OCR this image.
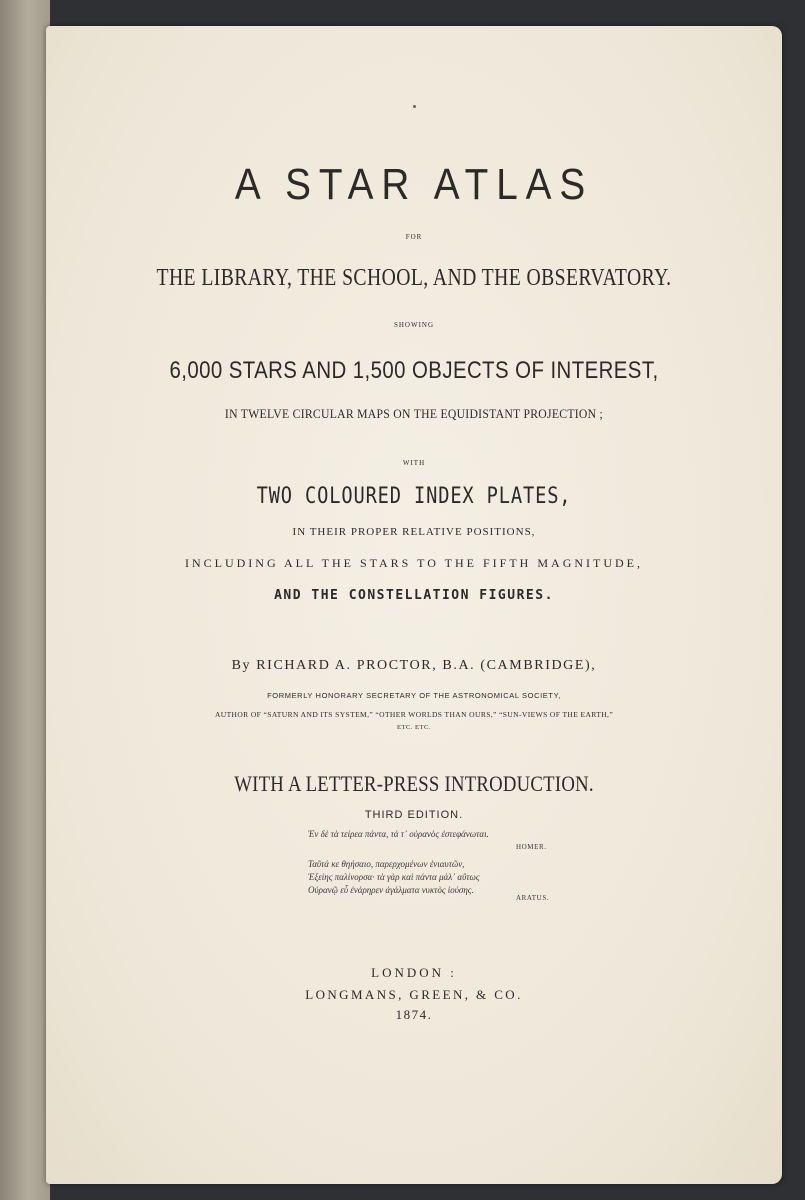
A STAR ATLAS
FOR
THE LIBRARY, THE SCHOOL, AND THE OBSERVATORY.
SHOWING
6,000 STARS AND 1,500 OBJECTS OF INTEREST,
IN TWELVE CIRCULAR MAPS ON THE EQUIDISTANT PROJECTION ;
WITH
TWO COLOURED INDEX PLATES,
IN THEIR PROPER RELATIVE POSITIONS,
INCLUDING ALL THE STARS TO THE FIFTH MAGNITUDE,
AND THE CONSTELLATION FIGURES.
By RICHARD A. PROCTOR, B.A. (CAMBRIDGE),
FORMERLY HONORARY SECRETARY OF THE ASTRONOMICAL SOCIETY,
AUTHOR OF “SATURN AND ITS SYSTEM,” “OTHER WORLDS THAN OURS,” “SUN-VIEWS OF THE EARTH,”
ETC. ETC.
WITH A LETTER-PRESS INTRODUCTION.
THIRD EDITION.
Ἐν δὲ τὰ τείρεα πάντα, τά τ᾽ οὐρανὸς ἐστεφάνωται.
HOMER.
Ταῦτά κε θηήσαιο, παρερχομένων ἐνιαυτῶν,
Ἑξείης παλίνορσα· τὰ γὰρ καὶ πάντα μάλ᾽ αὔτως
Οὐρανῷ εὖ ἐνάρηρεν ἀγάλματα νυκτὸς ἰούσης.
ARATUS.
LONDON :
LONGMANS, GREEN, & CO.
1874.
